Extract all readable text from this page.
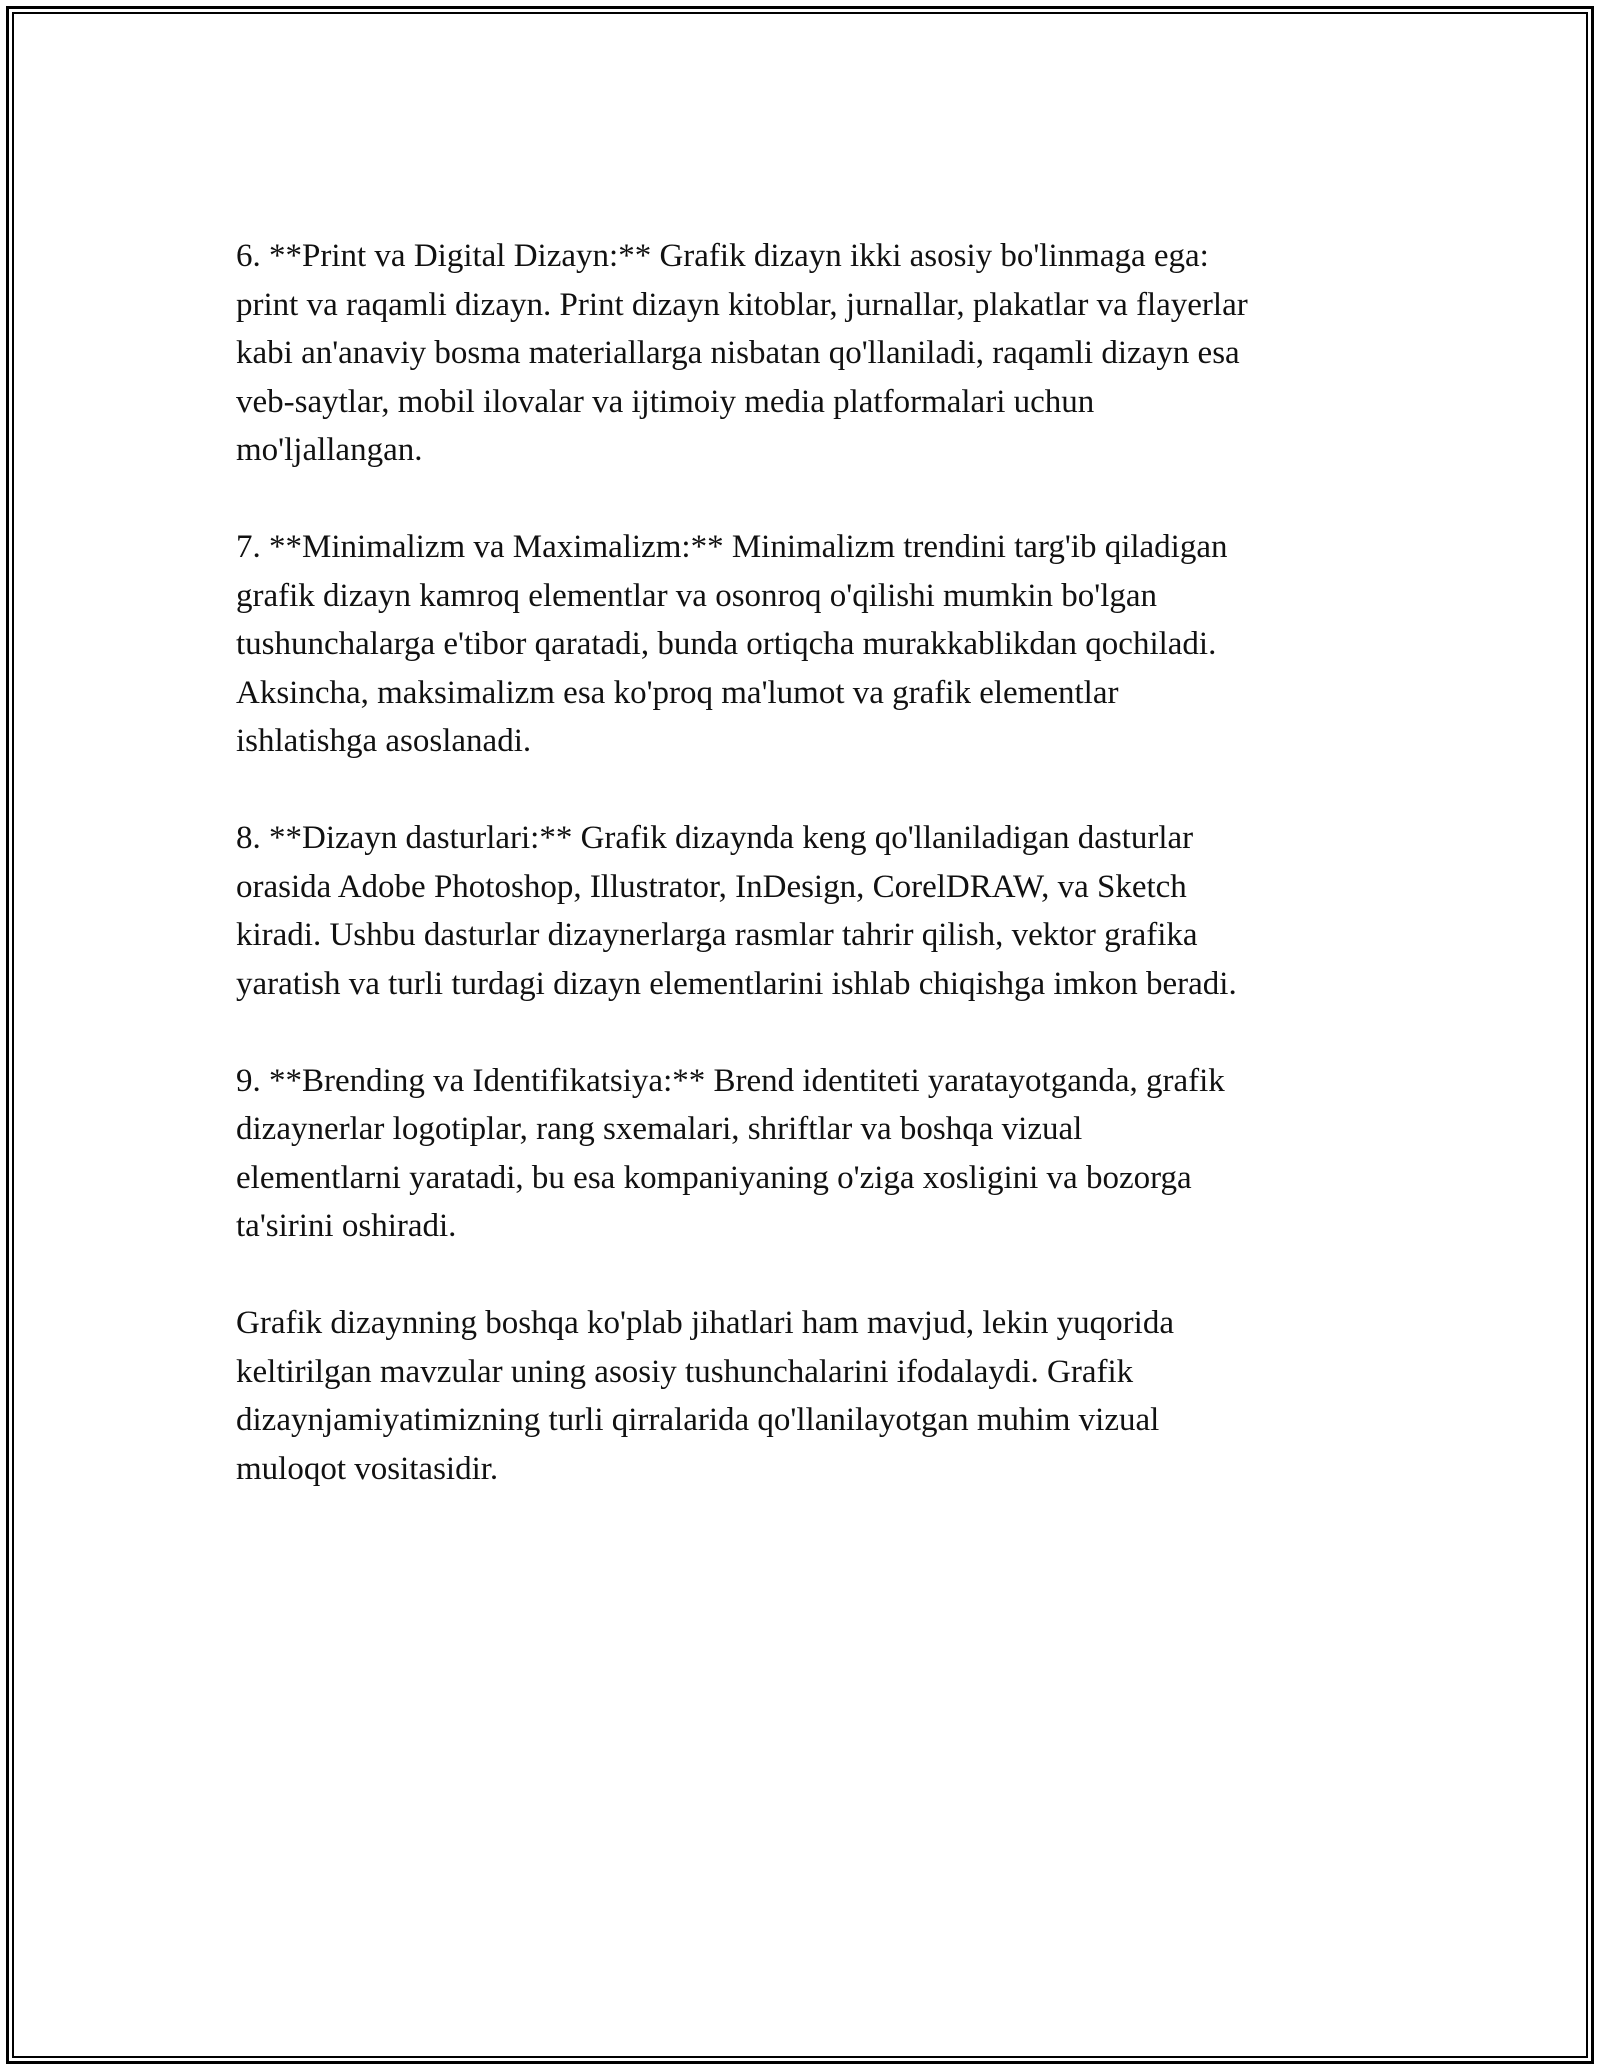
6. **Print va Digital Dizayn:** Grafik dizayn ikki asosiy bo'linmaga ega:
print va raqamli dizayn. Print dizayn kitoblar, jurnallar, plakatlar va flayerlar
kabi an'anaviy bosma materiallarga nisbatan qo'llaniladi, raqamli dizayn esa
veb-saytlar, mobil ilovalar va ijtimoiy media platformalari uchun
mo'ljallangan.

7. **Minimalizm va Maximalizm:** Minimalizm trendini targ'ib qiladigan
grafik dizayn kamroq elementlar va osonroq o'qilishi mumkin bo'lgan
tushunchalarga e'tibor qaratadi, bunda ortiqcha murakkablikdan qochiladi.
Aksincha, maksimalizm esa ko'proq ma'lumot va grafik elementlar
ishlatishga asoslanadi.

8. **Dizayn dasturlari:** Grafik dizaynda keng qo'llaniladigan dasturlar
orasida Adobe Photoshop, Illustrator, InDesign, CorelDRAW, va Sketch
kiradi. Ushbu dasturlar dizaynerlarga rasmlar tahrir qilish, vektor grafika
yaratish va turli turdagi dizayn elementlarini ishlab chiqishga imkon beradi.

9. **Brending va Identifikatsiya:** Brend identiteti yaratayotganda, grafik
dizaynerlar logotiplar, rang sxemalari, shriftlar va boshqa vizual
elementlarni yaratadi, bu esa kompaniyaning o'ziga xosligini va bozorga
ta'sirini oshiradi.

Grafik dizaynning boshqa ko'plab jihatlari ham mavjud, lekin yuqorida
keltirilgan mavzular uning asosiy tushunchalarini ifodalaydi. Grafik
dizaynjamiyatimizning turli qirralarida qo'llanilayotgan muhim vizual
muloqot vositasidir.
